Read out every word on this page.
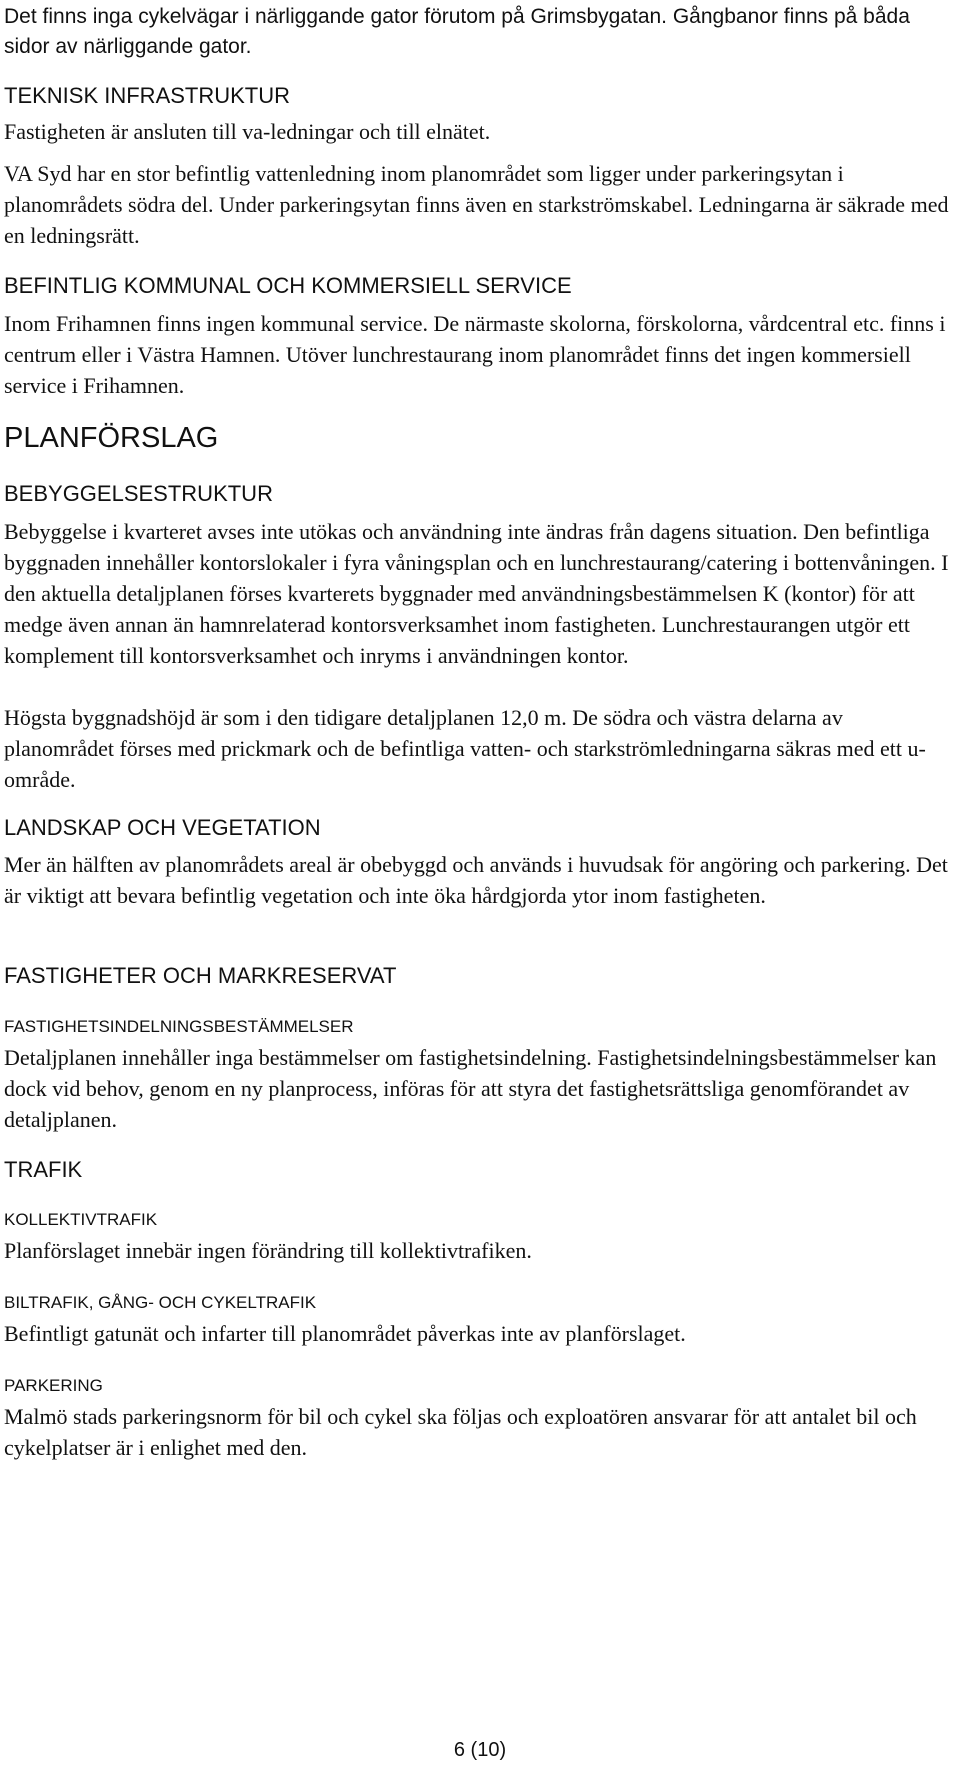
Det finns inga cykelvägar i närliggande gator förutom på Grimsbygatan. Gångbanor finns på båda sidor av närliggande gator.

TEKNISK INFRASTRUKTUR

Fastigheten är ansluten till va-ledningar och till elnätet.

VA Syd har en stor befintlig vattenledning inom planområdet som ligger under parkeringsytan i planområdets södra del. Under parkeringsytan finns även en starkströmskabel. Ledningarna är säkrade med en ledningsrätt.

BEFINTLIG KOMMUNAL OCH KOMMERSIELL SERVICE

Inom Frihamnen finns ingen kommunal service. De närmaste skolorna, förskolorna, vårdcentral etc. finns i centrum eller i Västra Hamnen. Utöver lunchrestaurang inom planområdet finns det ingen kommersiell service i Frihamnen.

PLANFÖRSLAG
BEBYGGELSESTRUKTUR

Bebyggelse i kvarteret avses inte utökas och användning inte ändras från dagens situation. Den befintliga byggnaden innehåller kontorslokaler i fyra våningsplan och en lunchrestaurang/catering i bottenvåningen. I den aktuella detaljplanen förses kvarterets byggnader med användningsbestämmelsen K (kontor) för att medge även annan än hamnrelaterad kontorsverksamhet inom fastigheten. Lunchrestaurangen utgör ett komplement till kontorsverksamhet och inryms i användningen kontor.

Högsta byggnadshöjd är som i den tidigare detaljplanen 12,0 m. De södra och västra delarna av planområdet förses med prickmark och de befintliga vatten- och starkströmledningarna säkras med ett u-område.

LANDSKAP OCH VEGETATION

Mer än hälften av planområdets areal är obebyggd och används i huvudsak för angöring och parkering. Det är viktigt att bevara befintlig vegetation och inte öka hårdgjorda ytor inom fastigheten.

FASTIGHETER OCH MARKRESERVAT
FASTIGHETSINDELNINGSBESTÄMMELSER

Detaljplanen innehåller inga bestämmelser om fastighetsindelning. Fastighetsindelningsbestämmelser kan dock vid behov, genom en ny planprocess, införas för att styra det fastighetsrättsliga genomförandet av detaljplanen.

TRAFIK
KOLLEKTIVTRAFIK

Planförslaget innebär ingen förändring till kollektivtrafiken.

BILTRAFIK, GÅNG- OCH CYKELTRAFIK

Befintligt gatunät och infarter till planområdet påverkas inte av planförslaget.

PARKERING

Malmö stads parkeringsnorm för bil och cykel ska följas och exploatören ansvarar för att antalet bil och cykelplatser är i enlighet med den.

6 (10)
